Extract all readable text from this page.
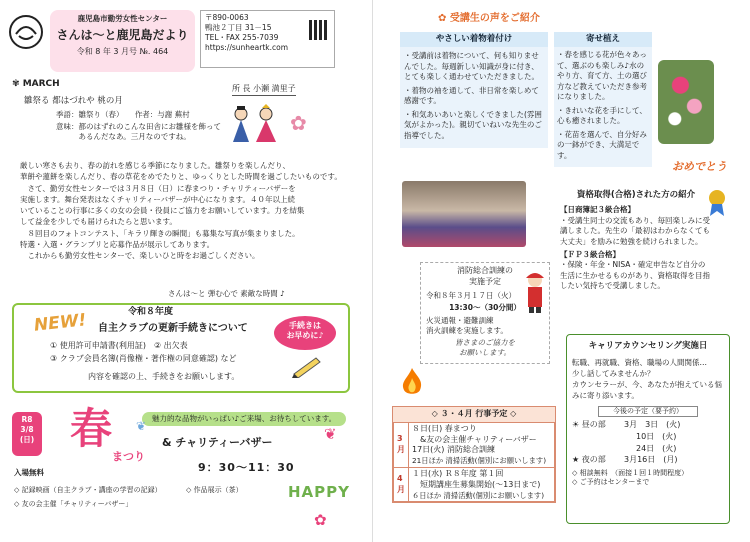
鹿児島市勤労女性センター
さんは～と鹿児島だより
令和 8 年 3 月号 №. 464
〒890-0063
鴨池２丁目 31－15
TEL・FAX 255-7039
https://sunheartk.com
✾ MARCH	所 長 小瀬 満里子
雛祭る 都はづれや 桃の月
✿
季語：雛祭り（春）　　 作者：与謝 蕪村
意味：都のはずれのこんな田舎にお雛様を飾って
　　　あるんだなあ。三月なのですね。
厳しい寒さも去り、春の訪れを感じる季節になりました。雛祭りを楽しんだり、
華餅や蓮餅を楽しんだり、春の草花をめでたりと、ゆっくりとした時間を過ごしたいものです。
　さて、勤労女性センターでは３月８日（日）に春まつり・チャリティーバザーを
実施します。舞台発表はなくチャリティーバザーが中心になります。４０年以上続
いていることの行事に多くの女の会員・役員にご協力をお願いしています。力を結集
して益金を少しでも届けられたらと思います。
　８回目のフォトコンテスト、「キラリ輝きの瞬間」も募集な写真が集まりました。
特選・入選・グランプリと応募作品が展示してあります。
　これからも勤労女性センターで、楽しいひと時をお過ごしください。
さんは～と 弾む心で 素敵な時間 ♪
NEW!	令和８年度
自主クラブの更新手続きについて
① 使用許可申請書(利用証)　② 出欠表
③ クラブ会員名簿(肖像権・著作権の同意確認) など
内容を確認の上、手続きをお願いします。
手続きは
お早めに♪
魅力的な品物がいっぱい♪ご来場、お待ちしています。
R8
3/8
(日) 春
まつり
& チャリティーバザー
9：30～11：30
入場無料
❦
❦
◇ 記録映画（自主クラブ・講座の学習の記録）	◇ 作品展示（茶）
◇ 友の会主催「チャリティーバザー」
HAPPY
✿
✿ 受講生の声をご紹介
やさしい着物着付け
・受講前は着物について、何も知りませんでした。毎週新しい知識が身に付き、とても楽しく通わせていただきました。
・着物の袖を通して、非日常を楽しめて感謝です。
・和気あいあいと楽しくできました(雰囲気がよかった)。親切ていねいな先生のご指導でした。
寄せ植え
・春を感じる花が色々あって、選ぶのも楽しみ♪水のやり方、育て方、土の選び方など教えていただき参考になりました。
・きれいな花を手にして、心も癒されました。
・花苗を選んで、自分好みの一鉢ができ、大満足です。
おめでとう
資格取得(合格)された方の紹介
【日商簿記３級合格】
・受講生同士の交流もあり、毎回楽しみに受講しました。先生の「最初はわからなくても大丈夫」を励みに勉強を続けられました。
【ＦＰ３級合格】
・保険・年金・NISA・確定申告など自分の生活に生かせるものがあり、資格取得を目指したい気持ちで受講しました。
消防総合訓練の
実施予定
令和８年３月１７日（火）
13:30～（30分間）
火災通報・避難訓練
消火訓練を実施します。
皆さまのご協力を
お願いします。
◇ ３・４月 行事予定 ◇
3月	８日(日) 春まつり
　&友の会主催チャリティーバザー
17日(火) 消防総合訓練
21日ほか 清掃活動(個別にお願いします)

4月	１日(水) Ｒ８年度 第１回
　短期講座生募集開始(～13日まで)
６日ほか 清掃活動(個別にお願いします)
キャリアカウンセリング実施日
転職、再就職、資格、職場の人間関係…
少し話してみませんか？
カウンセラーが、今、あなたが抱えている悩みに寄り添います。
今後の予定（要予約）
☀ 昼の部 3月　3日　(火)
10日　(火)
24日　(火)
★ 夜の部 3月16日　(月)
◇ 相談無料　（面接１回１時間程度）
◇ ご予約はセンターまで
